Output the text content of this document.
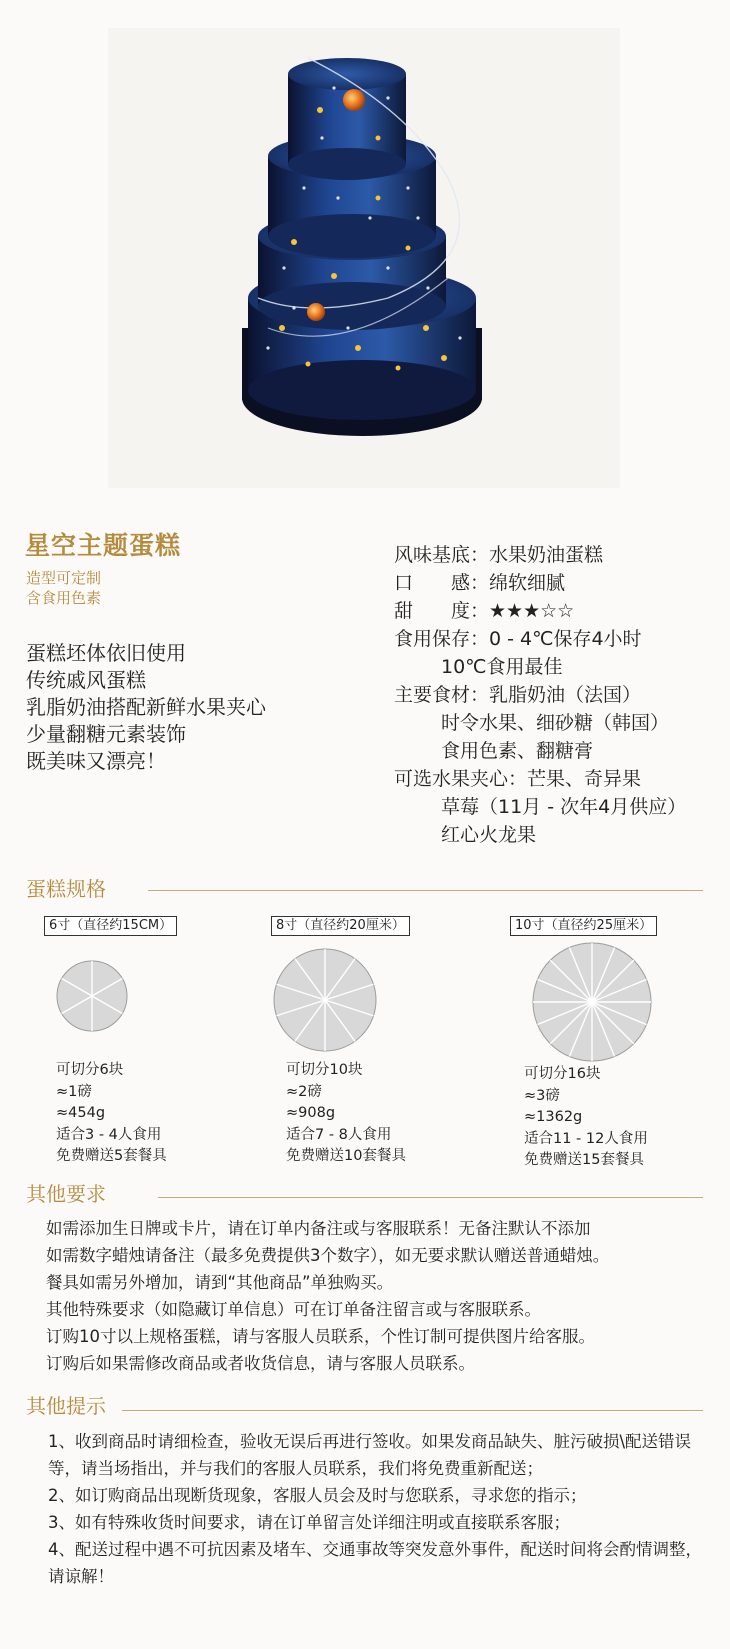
星空主题蛋糕
造型可定制
含食用色素
蛋糕坯体依旧使用
传统戚风蛋糕
乳脂奶油搭配新鲜水果夹心
少量翻糖元素装饰
既美味又漂亮！
风味基底：水果奶油蛋糕
口　　感：绵软细腻
甜　　度：★★★☆☆
食用保存：0 - 4℃保存4小时
　　10℃食用最佳
主要食材：乳脂奶油（法国）
　　时令水果、细砂糖（韩国）
　　食用色素、翻糖膏
可选水果夹心：芒果、奇异果
　　草莓（11月 - 次年4月供应）
　　红心火龙果
蛋糕规格
6寸（直径约15CM）	8寸（直径约20厘米）	10寸（直径约25厘米）
可切分6块
≈1磅
≈454g
适合3 - 4人食用
免费赠送5套餐具
可切分10块
≈2磅
≈908g
适合7 - 8人食用
免费赠送10套餐具
可切分16块
≈3磅
≈1362g
适合11 - 12人食用
免费赠送15套餐具
其他要求
如需添加生日牌或卡片，请在订单内备注或与客服联系！无备注默认不添加
如需数字蜡烛请备注（最多免费提供3个数字），如无要求默认赠送普通蜡烛。
餐具如需另外增加，请到“其他商品”单独购买。
其他特殊要求（如隐藏订单信息）可在订单备注留言或与客服联系。
订购10寸以上规格蛋糕，请与客服人员联系，个性订制可提供图片给客服。
订购后如果需修改商品或者收货信息，请与客服人员联系。
其他提示
1、收到商品时请细检查，验收无误后再进行签收。如果发商品缺失、脏污破损\配送错误等，请当场指出，并与我们的客服人员联系，我们将免费重新配送；
2、如订购商品出现断货现象，客服人员会及时与您联系，寻求您的指示；
3、如有特殊收货时间要求，请在订单留言处详细注明或直接联系客服；
4、配送过程中遇不可抗因素及堵车、交通事故等突发意外事件，配送时间将会酌情调整，请谅解！
